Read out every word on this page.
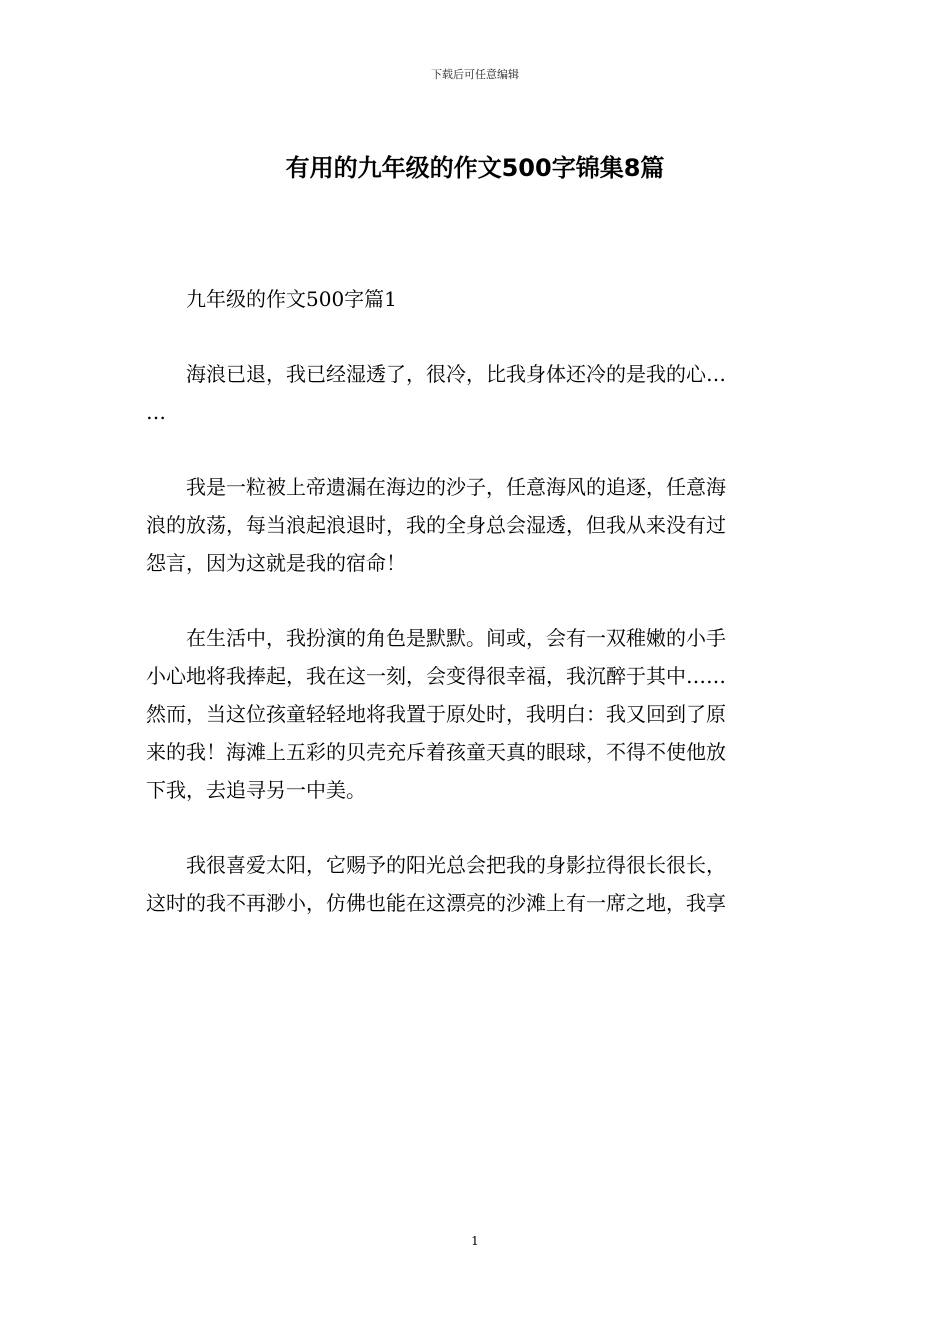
下载后可任意编辑
有用的九年级的作文500字锦集8篇

九年级的作文500字篇1

海浪已退，我已经湿透了，很冷，比我身体还冷的是我的心…
…

我是一粒被上帝遗漏在海边的沙子，任意海风的追逐，任意海
浪的放荡，每当浪起浪退时，我的全身总会湿透，但我从来没有过
怨言，因为这就是我的宿命！

在生活中，我扮演的角色是默默。间或，会有一双稚嫩的小手
小心地将我捧起，我在这一刻，会变得很幸福，我沉醉于其中……
然而，当这位孩童轻轻地将我置于原处时，我明白：我又回到了原
来的我！海滩上五彩的贝壳充斥着孩童天真的眼球，不得不使他放
下我，去追寻另一中美。

我很喜爱太阳，它赐予的阳光总会把我的身影拉得很长很长，
这时的我不再渺小，仿佛也能在这漂亮的沙滩上有一席之地，我享

1
